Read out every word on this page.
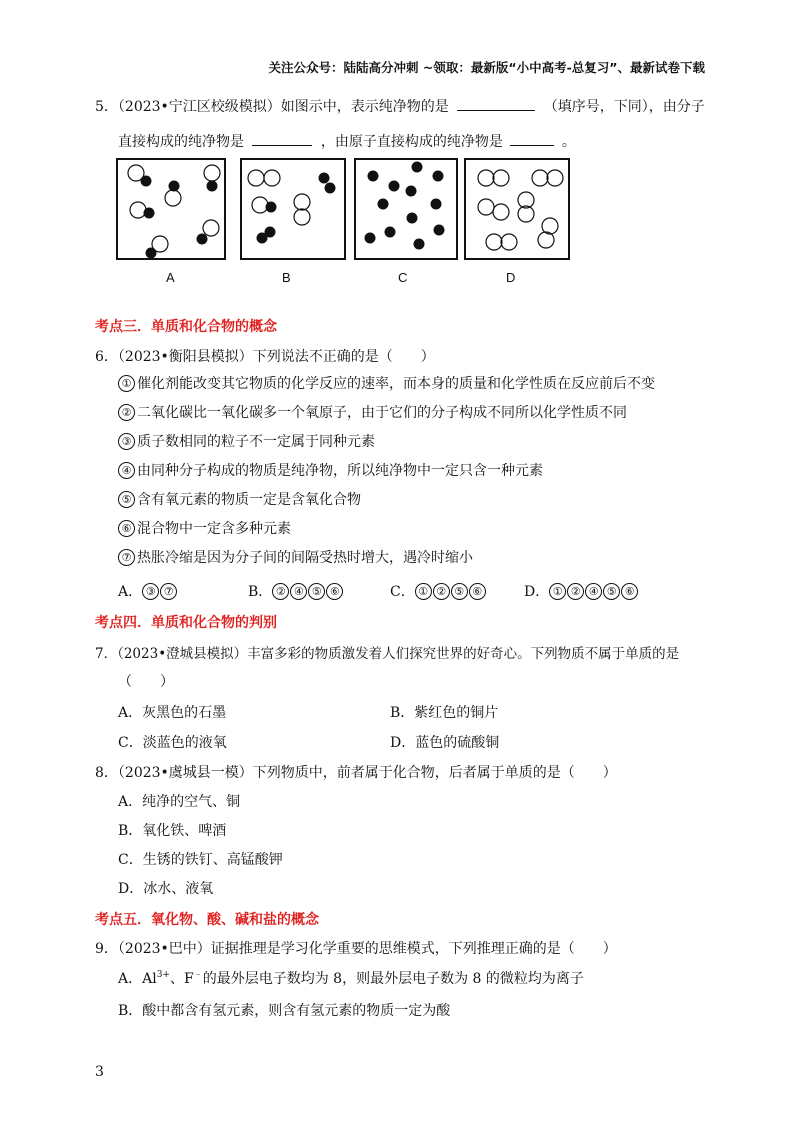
关注公众号：陆陆高分冲刺 ~领取：最新版“小中高考-总复习”、最新试卷下载
5．（2023•宁江区校级模拟）如图示中，表示纯净物的是	（填序号，下同），由分子
直接构成的纯净物是	，由原子直接构成的纯净物是	。
A	B	C	D
考点三．单质和化合物的概念
6．（2023•衡阳县模拟）下列说法不正确的是（　　）
① 催化剂能改变其它物质的化学反应的速率，而本身的质量和化学性质在反应前后不变
② 二氧化碳比一氧化碳多一个氧原子，由于它们的分子构成不同所以化学性质不同
③ 质子数相同的粒子不一定属于同种元素
④ 由同种分子构成的物质是纯净物，所以纯净物中一定只含一种元素
⑤ 含有氧元素的物质一定是含氧化合物
⑥ 混合物中一定含多种元素
⑦ 热胀冷缩是因为分子间的间隔受热时增大，遇冷时缩小
A． ③ ⑦	B． ② ④ ⑤ ⑥	C． ① ② ⑤ ⑥	D． ① ② ④ ⑤ ⑥
考点四．单质和化合物的判别
7．（2023•澄城县模拟）丰富多彩的物质激发着人们探究世界的好奇心。下列物质不属于单质的是
（　　）
A．灰黑色的石墨	B．紫红色的铜片
C．淡蓝色的液氧	D．蓝色的硫酸铜
8．（2023•虞城县一模）下列物质中，前者属于化合物，后者属于单质的是（　　）
A．纯净的空气、铜
B．氧化铁、啤酒
C．生锈的铁钉、高锰酸钾
D．冰水、液氧
考点五．氧化物、酸、碱和盐的概念
9．（2023•巴中）证据推理是学习化学重要的思维模式，下列推理正确的是（　　）
A．$Al^{3+}$、F﹣的最外层电子数均为 8，则最外层电子数为 8 的微粒均为离子
B．酸中都含有氢元素，则含有氢元素的物质一定为酸
3
